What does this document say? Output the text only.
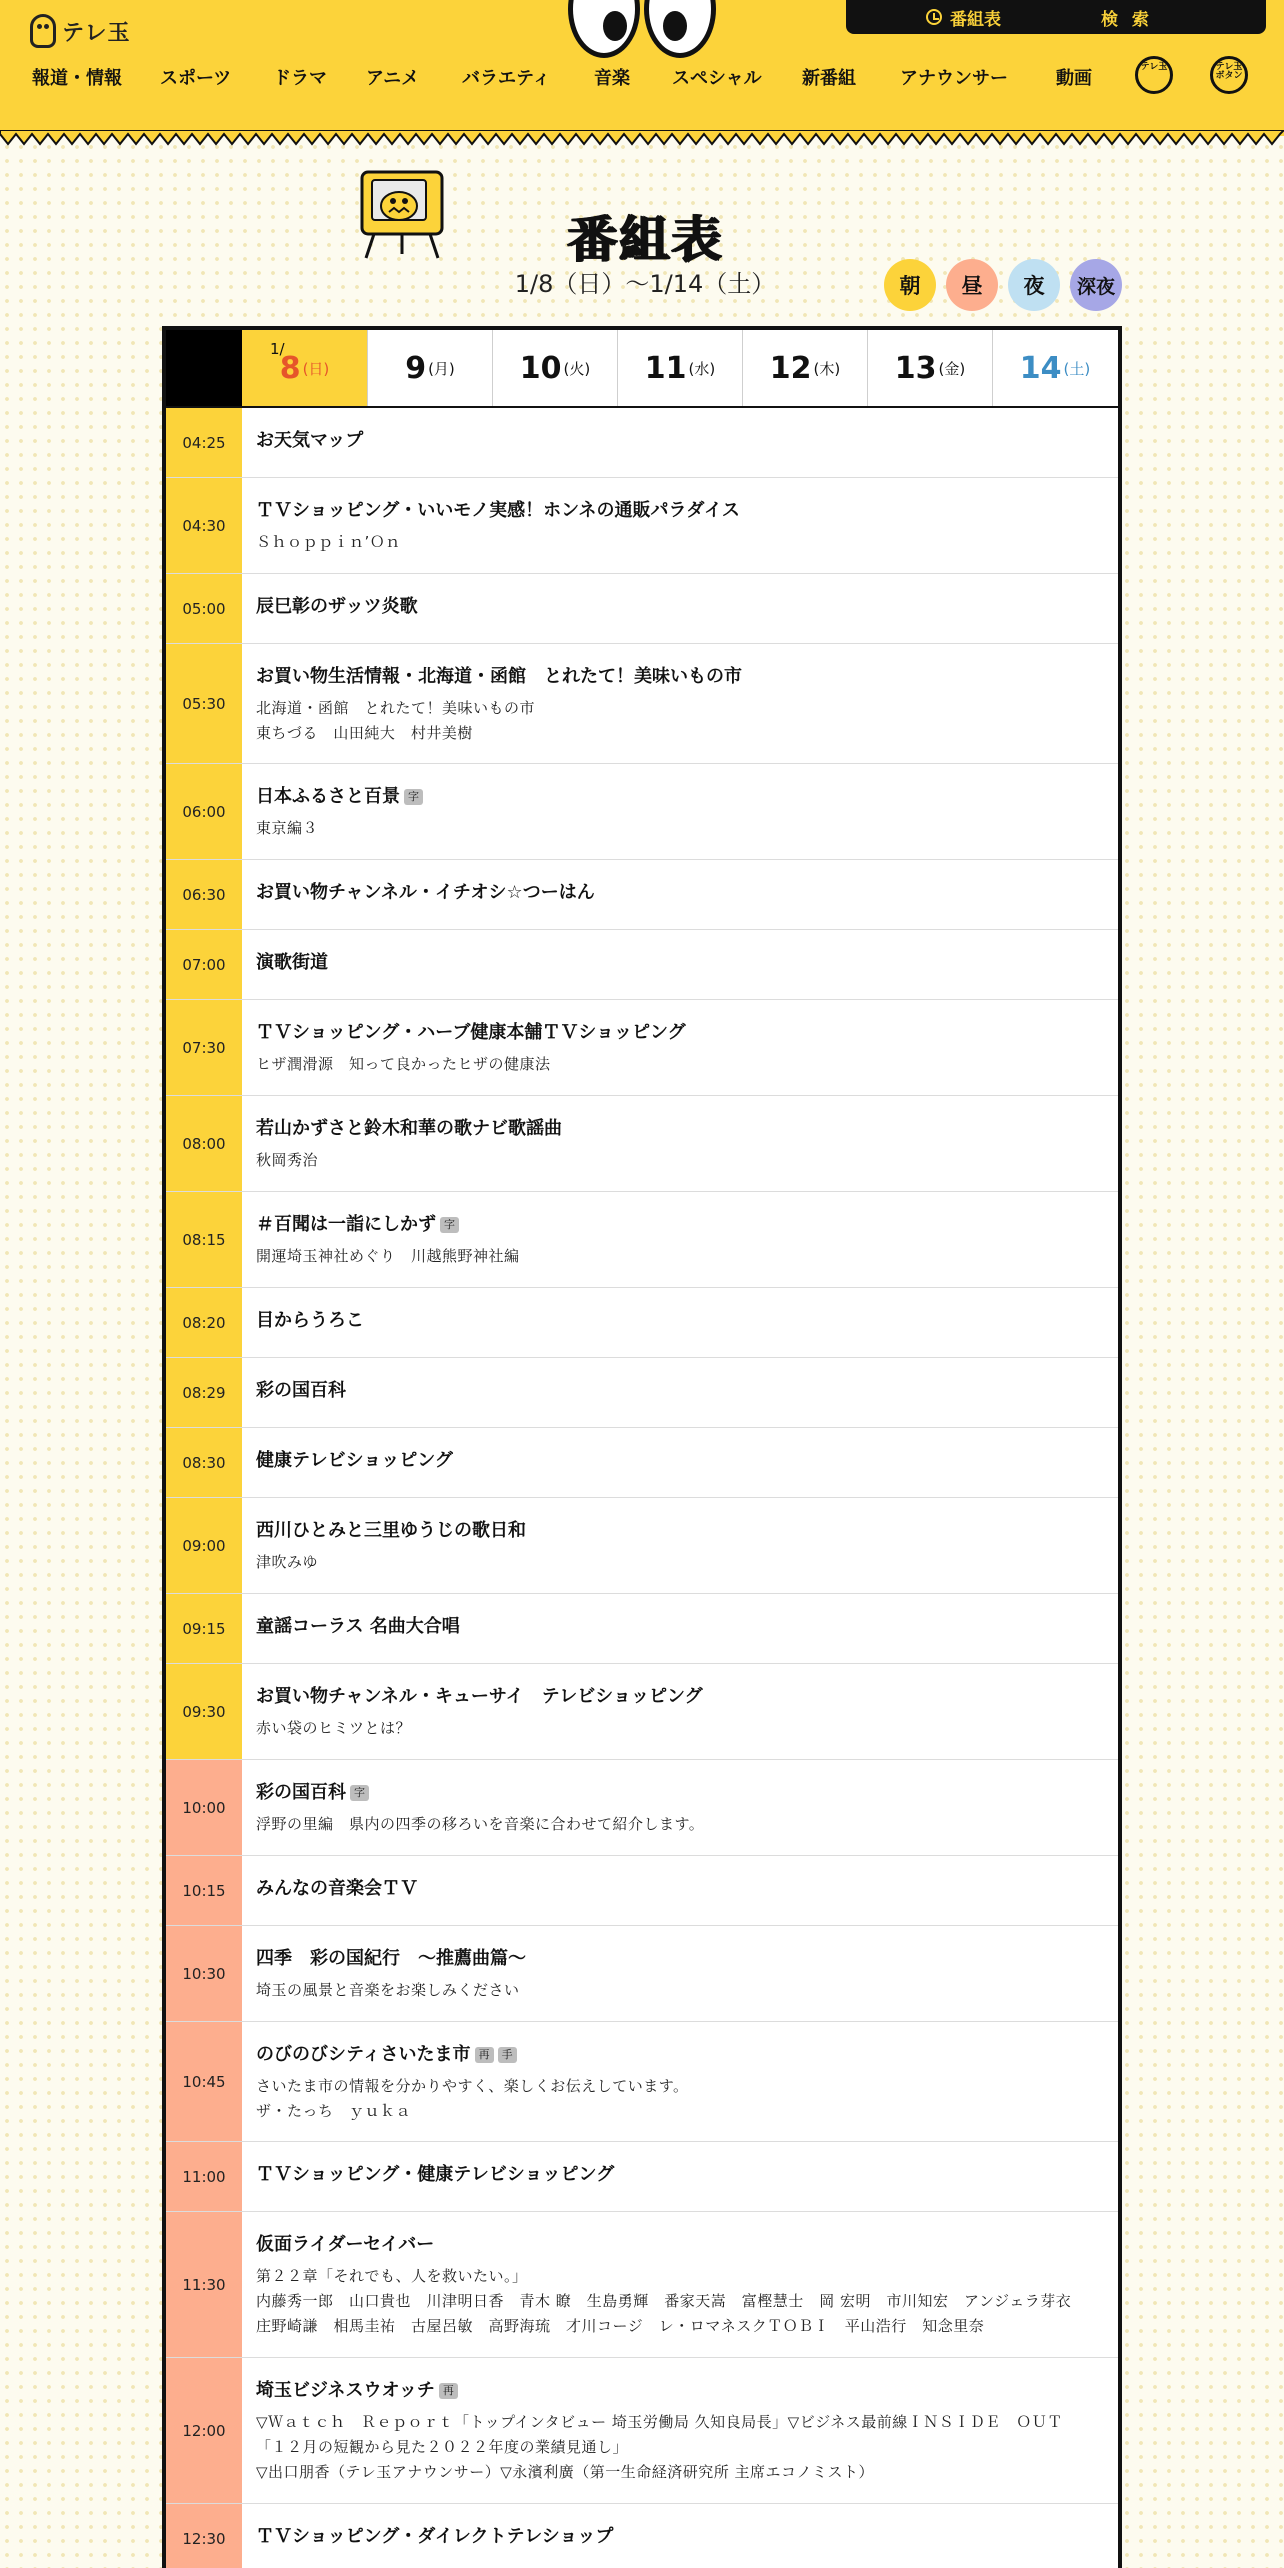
テレ玉
番組表	検 索
報道・情報 スポーツ ドラマ アニメ バラエティ 音楽 スペシャル 新番組 アナウンサー	動画
テレ玉	テレ玉ボタン
番組表
1/8（日）〜1/14（土）	朝	昼	夜	深夜
1/
8 (日)	9 (月) 10 (火) 11 (水) 12 (木) 13 (金) 14 (土)
04:25	お天気マップ
04:30
ＴＶショッピング・いいモノ実感！ホンネの通販パラダイス
Ｓｈｏｐｐｉｎ’Ｏｎ
05:00	辰巳彰のザッツ炎歌
05:30
お買い物生活情報・北海道・函館　とれたて！美味いもの市
北海道・函館　とれたて！美味いもの市
東ちづる　山田純大　村井美樹
06:00
日本ふるさと百景 字
東京編３
06:30	お買い物チャンネル・イチオシ☆つーはん
07:00	演歌街道
07:30
ＴＶショッピング・ハーブ健康本舗ＴＶショッピング
ヒザ潤滑源　知って良かったヒザの健康法
08:00
若山かずさと鈴木和華の歌ナビ歌謡曲
秋岡秀治
08:15
＃百聞は一詣にしかず 字
開運埼玉神社めぐり　川越熊野神社編
08:20	目からうろこ
08:29	彩の国百科
08:30	健康テレビショッピング
09:00
西川ひとみと三里ゆうじの歌日和
津吹みゆ
09:15	童謡コーラス 名曲大合唱
09:30
お買い物チャンネル・キューサイ　テレビショッピング
赤い袋のヒミツとは？
10:00
彩の国百科 字
浮野の里編　県内の四季の移ろいを音楽に合わせて紹介します。
10:15	みんなの音楽会ＴＶ
10:30
四季　彩の国紀行　～推薦曲篇～
埼玉の風景と音楽をお楽しみください
10:45
のびのびシティさいたま市 再 手
さいたま市の情報を分かりやすく、楽しくお伝えしています。
ザ・たっち　ｙｕｋａ
11:00	ＴＶショッピング・健康テレビショッピング
11:30
仮面ライダーセイバー
第２２章「それでも、人を救いたい。」
内藤秀一郎　山口貴也　川津明日香　青木 瞭　生島勇輝　番家天嵩　富樫慧士　岡 宏明　市川知宏　アンジェラ芽衣
庄野崎謙　相馬圭祐　古屋呂敏　高野海琉　才川コージ　レ・ロマネスクＴＯＢＩ　平山浩行　知念里奈
12:00
埼玉ビジネスウオッチ 再
▽Ｗａｔｃｈ　Ｒｅｐｏｒｔ「トップインタビュー 埼玉労働局 久知良局長」▽ビジネス最前線ＩＮＳＩＤＥ　ＯＵＴ
「１２月の短観から見た２０２２年度の業績見通し」
▽出口朋香（テレ玉アナウンサー）▽永濱利廣（第一生命経済研究所 主席エコノミスト）
12:30	ＴＶショッピング・ダイレクトテレショップ
